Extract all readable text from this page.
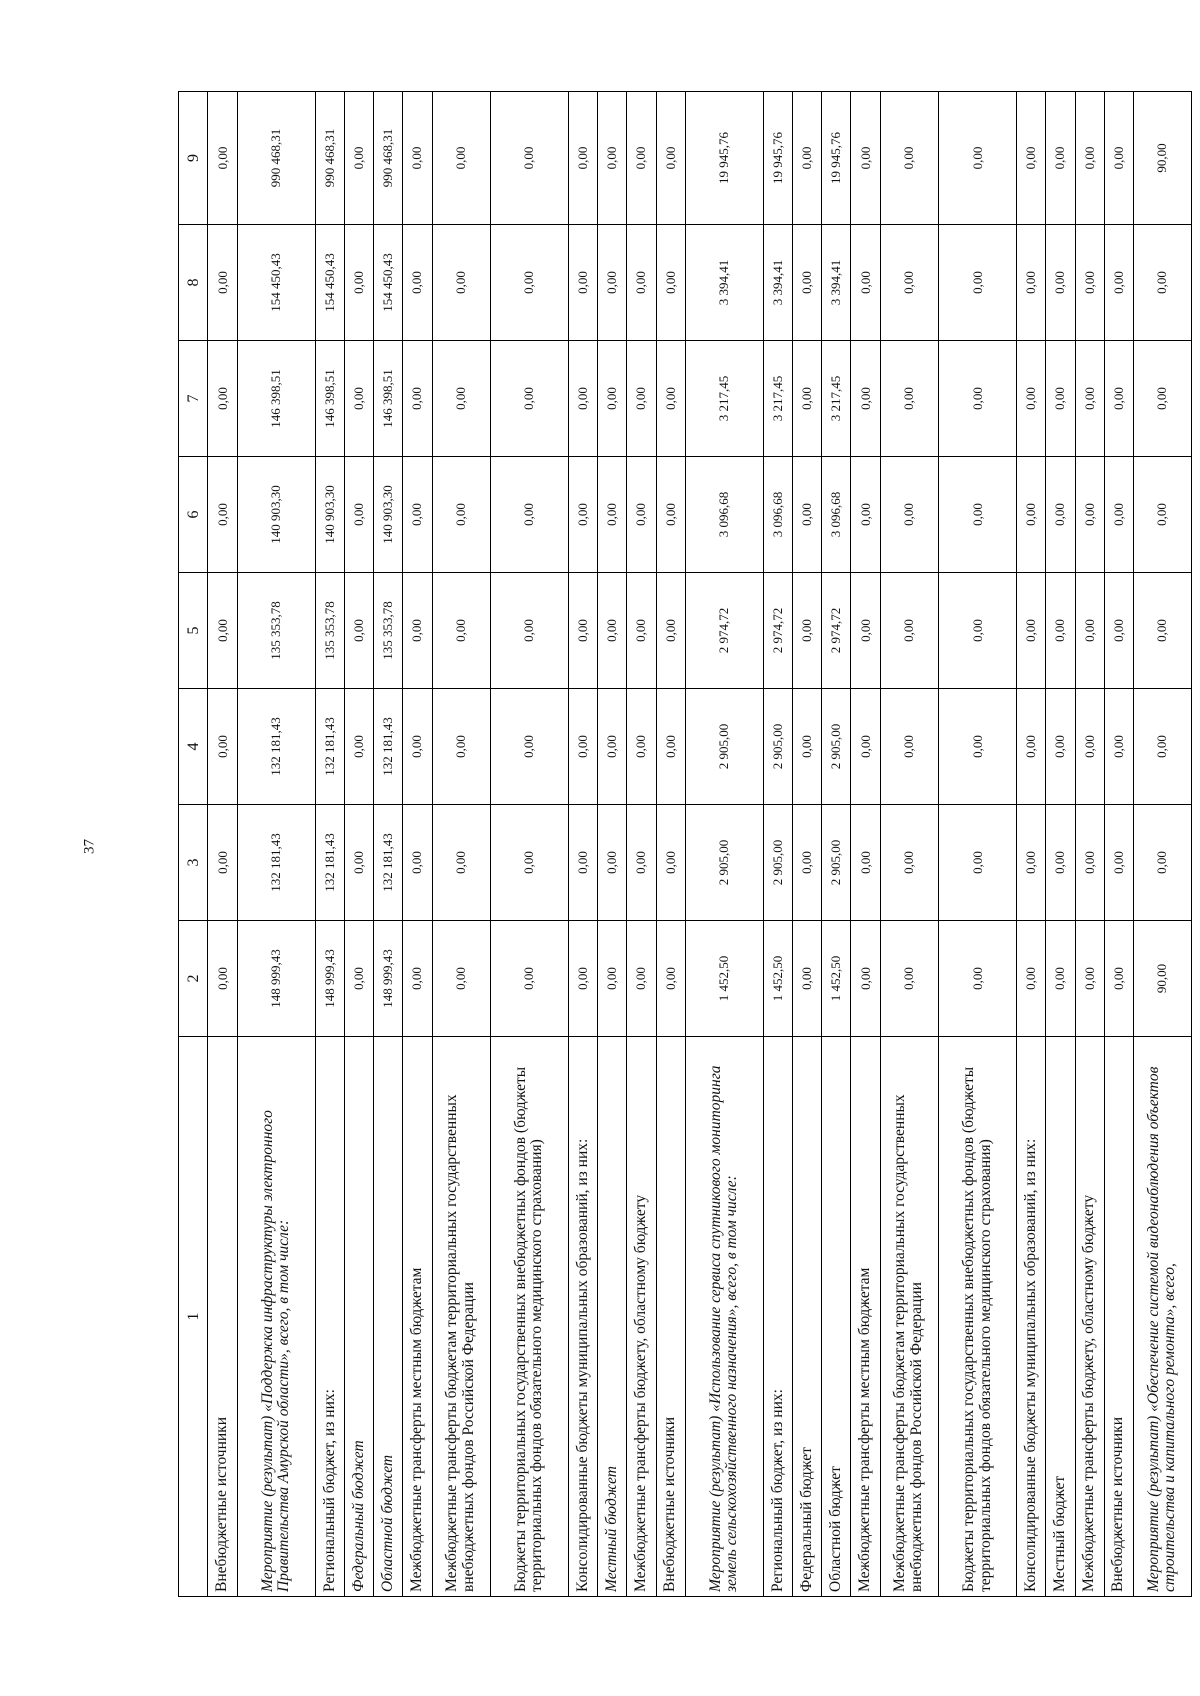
37
1	2	3	4	5	6	7	8	9
Внебюджетные источники	0,00	0,00	0,00	0,00	0,00	0,00	0,00	0,00
Мероприятие (результат) «Поддержка инфраструктуры электронного Правительства Амурской области», всего, в том числе:	148 999,43	132 181,43	132 181,43	135 353,78	140 903,30	146 398,51	154 450,43	990 468,31
Региональный бюджет, из них:	148 999,43	132 181,43	132 181,43	135 353,78	140 903,30	146 398,51	154 450,43	990 468,31
Федеральный бюджет	0,00	0,00	0,00	0,00	0,00	0,00	0,00	0,00
Областной бюджет	148 999,43	132 181,43	132 181,43	135 353,78	140 903,30	146 398,51	154 450,43	990 468,31
Межбюджетные трансферты местным бюджетам	0,00	0,00	0,00	0,00	0,00	0,00	0,00	0,00
Межбюджетные трансферты бюджетам территориальных государственных внебюджетных фондов Российской Федерации	0,00	0,00	0,00	0,00	0,00	0,00	0,00	0,00
Бюджеты территориальных государственных внебюджетных фондов (бюджеты территориальных фондов обязательного медицинского страхования)	0,00	0,00	0,00	0,00	0,00	0,00	0,00	0,00
Консолидированные бюджеты муниципальных образований, из них:	0,00	0,00	0,00	0,00	0,00	0,00	0,00	0,00
Местный бюджет	0,00	0,00	0,00	0,00	0,00	0,00	0,00	0,00
Межбюджетные трансферты бюджету, областному бюджету	0,00	0,00	0,00	0,00	0,00	0,00	0,00	0,00
Внебюджетные источники	0,00	0,00	0,00	0,00	0,00	0,00	0,00	0,00
Мероприятие (результат) «Использование сервиса спутникового мониторинга земель сельскохозяйственного назначения», всего, в том числе:	1 452,50	2 905,00	2 905,00	2 974,72	3 096,68	3 217,45	3 394,41	19 945,76
Региональный бюджет, из них:	1 452,50	2 905,00	2 905,00	2 974,72	3 096,68	3 217,45	3 394,41	19 945,76
Федеральный бюджет	0,00	0,00	0,00	0,00	0,00	0,00	0,00	0,00
Областной бюджет	1 452,50	2 905,00	2 905,00	2 974,72	3 096,68	3 217,45	3 394,41	19 945,76
Межбюджетные трансферты местным бюджетам	0,00	0,00	0,00	0,00	0,00	0,00	0,00	0,00
Межбюджетные трансферты бюджетам территориальных государственных внебюджетных фондов Российской Федерации	0,00	0,00	0,00	0,00	0,00	0,00	0,00	0,00
Бюджеты территориальных государственных внебюджетных фондов (бюджеты территориальных фондов обязательного медицинского страхования)	0,00	0,00	0,00	0,00	0,00	0,00	0,00	0,00
Консолидированные бюджеты муниципальных образований, из них:	0,00	0,00	0,00	0,00	0,00	0,00	0,00	0,00
Местный бюджет	0,00	0,00	0,00	0,00	0,00	0,00	0,00	0,00
Межбюджетные трансферты бюджету, областному бюджету	0,00	0,00	0,00	0,00	0,00	0,00	0,00	0,00
Внебюджетные источники	0,00	0,00	0,00	0,00	0,00	0,00	0,00	0,00
Мероприятие (результат) «Обеспечение системой видеонаблюдения объектов строительства и капитального ремонта», всего,	90,00	0,00	0,00	0,00	0,00	0,00	0,00	90,00
